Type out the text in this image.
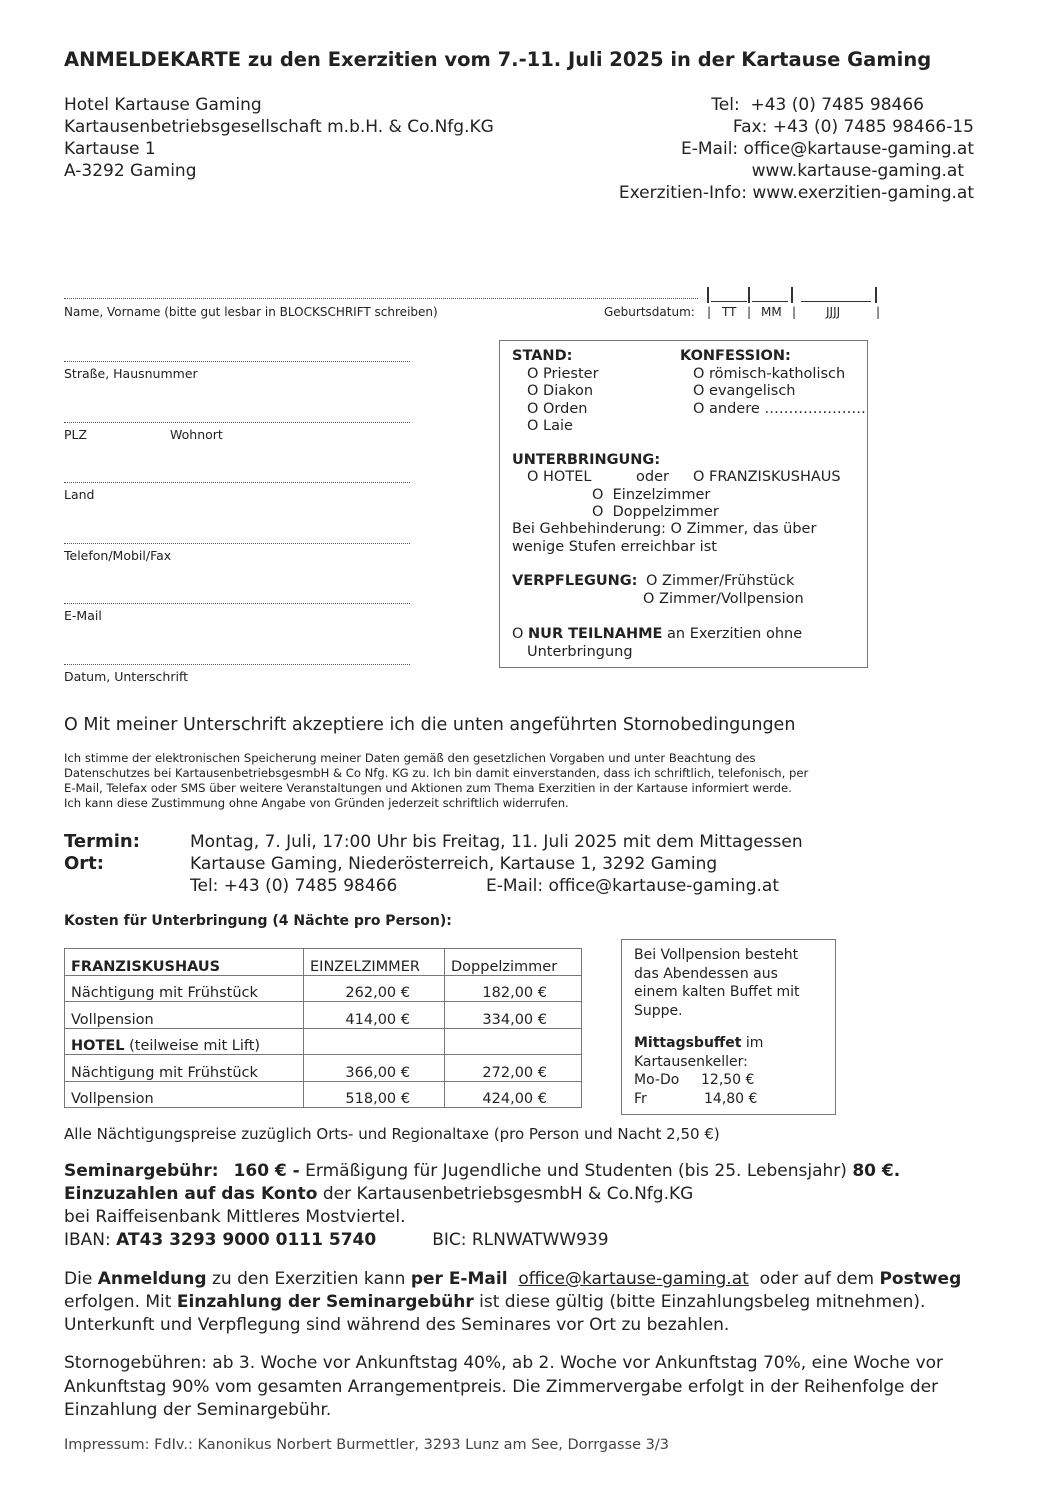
ANMELDEKARTE zu den Exerzitien vom 7.-11. Juli 2025 in der Kartause Gaming
Hotel Kartause Gaming
Kartausenbetriebsgesellschaft m.b.H. & Co.Nfg.KG
Kartause 1
A-3292 Gaming
Tel:  +43 (0) 7485 98466
Fax: +43 (0) 7485 98466-15
E-Mail: office@kartause-gaming.at
www.kartause-gaming.at
Exerzitien-Info: www.exerzitien-gaming.at
Name, Vorname (bitte gut lesbar in BLOCKSCHRIFT schreiben)	Geburtsdatum: | TT | MM | JJJJ	|
Straße, Hausnummer
PLZ	Wohnort
Land
Telefon/Mobil/Fax
E-Mail
Datum, Unterschrift
STAND:
O Priester
O Diakon
O Orden
O Laie
KONFESSION:
O römisch-katholisch
O evangelisch
O andere …………………
UNTERBRINGUNG:
O HOTEL	oder O FRANZISKUSHAUS
O  Einzelzimmer
O  Doppelzimmer
Bei Gehbehinderung: O Zimmer, das über
wenige Stufen erreichbar ist
VERPFLEGUNG: O Zimmer/Frühstück
O Zimmer/Vollpension
O NUR TEILNAHME an Exerzitien ohne
Unterbringung
O Mit meiner Unterschrift akzeptiere ich die unten angeführten Stornobedingungen
Ich stimme der elektronischen Speicherung meiner Daten gemäß den gesetzlichen Vorgaben und unter Beachtung des
Datenschutzes bei KartausenbetriebsgesmbH & Co Nfg. KG zu. Ich bin damit einverstanden, dass ich schriftlich, telefonisch, per
E-Mail, Telefax oder SMS über weitere Veranstaltungen und Aktionen zum Thema Exerzitien in der Kartause informiert werde.
Ich kann diese Zustimmung ohne Angabe von Gründen jederzeit schriftlich widerrufen.
Termin:	Montag, 7. Juli, 17:00 Uhr bis Freitag, 11. Juli 2025 mit dem Mittagessen
Ort:	Kartause Gaming, Niederösterreich, Kartause 1, 3292 Gaming
Tel: +43 (0) 7485 98466	E-Mail: office@kartause-gaming.at
Kosten für Unterbringung (4 Nächte pro Person):
FRANZISKUSHAUS	EINZELZIMMER	Doppelzimmer
Nächtigung mit Frühstück	262,00 €	182,00 €
Vollpension	414,00 €	334,00 €
HOTEL (teilweise mit Lift)		
Nächtigung mit Frühstück	366,00 €	272,00 €
Vollpension	518,00 €	424,00 €
Bei Vollpension besteht
das Abendessen aus
einem kalten Buffet mit
Suppe.
Mittagsbuffet im
Kartausenkeller:
Mo-Do 12,50 €
Fr	14,80 €
Alle Nächtigungspreise zuzüglich Orts- und Regionaltaxe (pro Person und Nacht 2,50 €)
Seminargebühr: 160 € - Ermäßigung für Jugendliche und Studenten (bis 25. Lebensjahr) 80 €.
Einzuzahlen auf das Konto der KartausenbetriebsgesmbH & Co.Nfg.KG
bei Raiffeisenbank Mittleres Mostviertel.
IBAN: AT43 3293 9000 0111 5740	BIC: RLNWATWW939
Die Anmeldung zu den Exerzitien kann per E-Mail office@kartause-gaming.at  oder auf dem Postweg
erfolgen. Mit Einzahlung der Seminargebühr ist diese gültig (bitte Einzahlungsbeleg mitnehmen).
Unterkunft und Verpflegung sind während des Seminares vor Ort zu bezahlen.
Stornogebühren: ab 3. Woche vor Ankunftstag 40%, ab 2. Woche vor Ankunftstag 70%, eine Woche vor
Ankunftstag 90% vom gesamten Arrangementpreis. Die Zimmervergabe erfolgt in der Reihenfolge der
Einzahlung der Seminargebühr.
Impressum: FdIv.: Kanonikus Norbert Burmettler, 3293 Lunz am See, Dorrgasse 3/3
